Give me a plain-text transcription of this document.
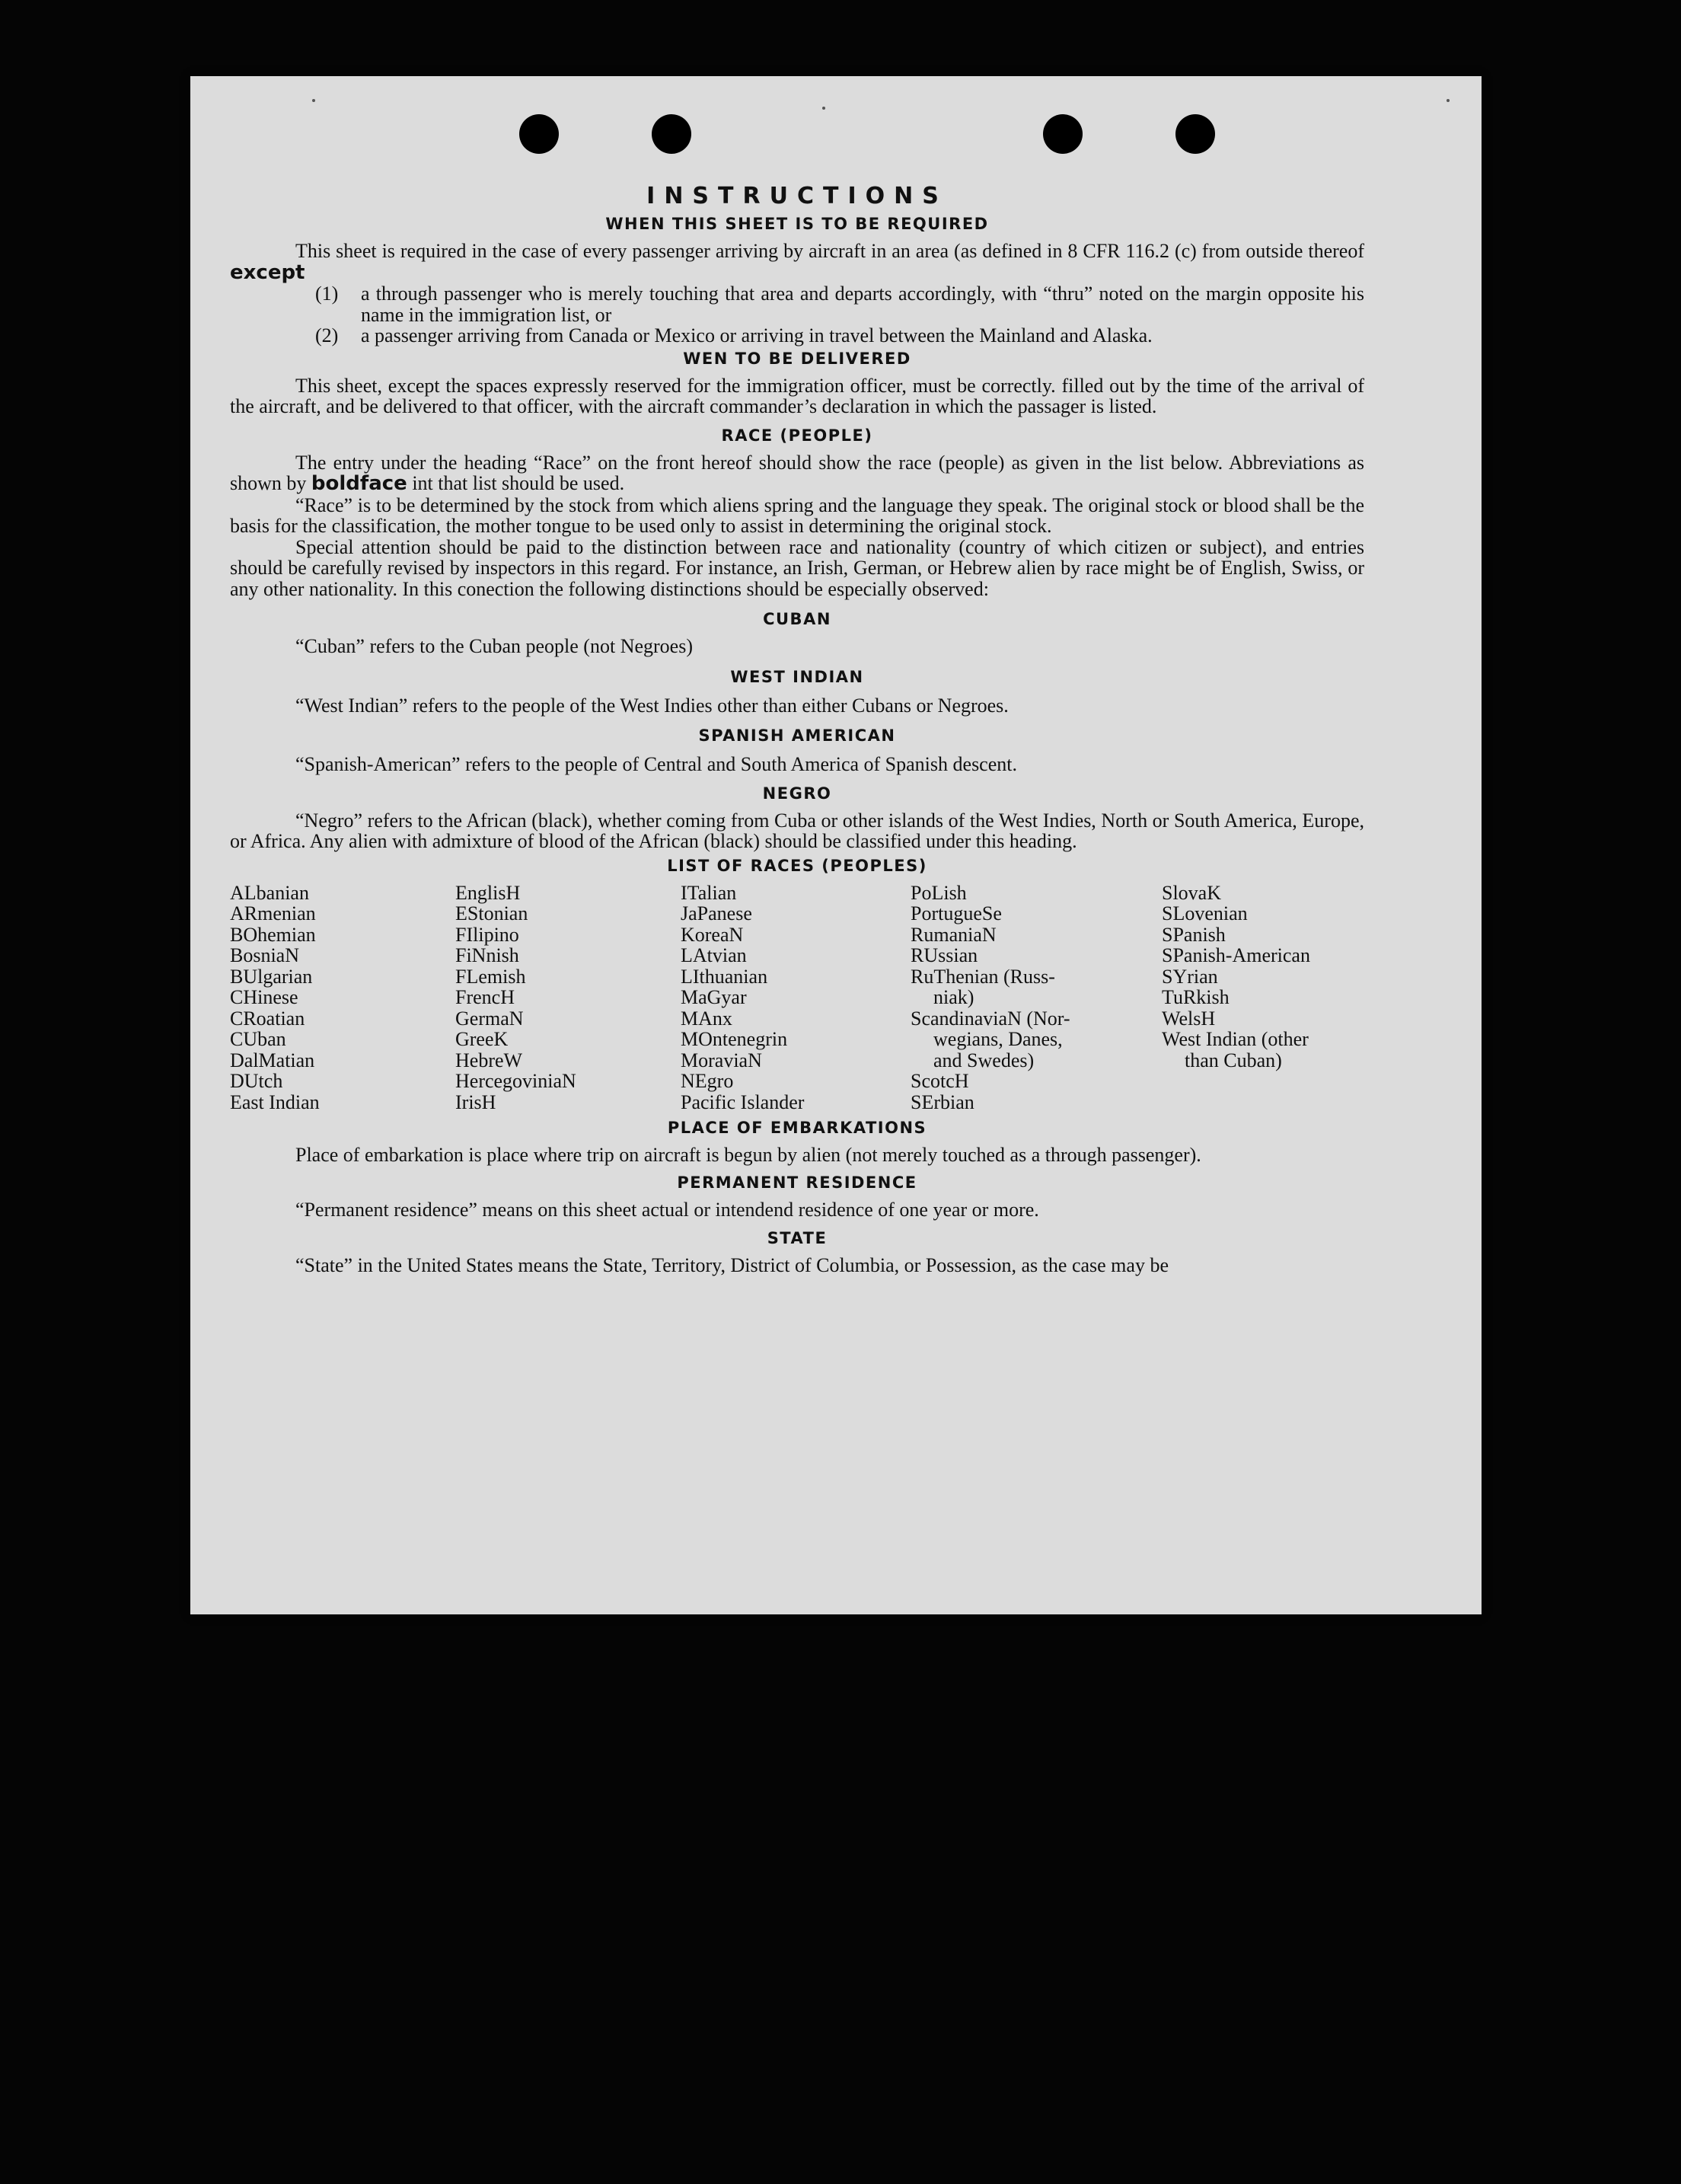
INSTRUCTIONS
WHEN THIS SHEET IS TO BE REQUIRED

This sheet is required in the case of every passenger arriving by aircraft in an area (as defined in 8 CFR 116.2 (c) from outside thereof except

(1)	a through passenger who is merely touching that area and departs accordingly, with “thru” noted on the margin opposite his name in the immigration list, or
(2)	a passenger arriving from Canada or Mexico or arriving in travel between the Mainland and Alaska.
WEN TO BE DELIVERED

This sheet, except the spaces expressly reserved for the immigration officer, must be correctly. filled out by the time of the arrival of the aircraft, and be delivered to that officer, with the aircraft commander’s declaration in which the passager is listed.

RACE (PEOPLE)

The entry under the heading “Race” on the front hereof should show the race (people) as given in the list below. Abbreviations as shown by boldface int that list should be used.

“Race” is to be determined by the stock from which aliens spring and the language they speak. The original stock or blood shall be the basis for the classification, the mother tongue to be used only to assist in determining the original stock.

Special attention should be paid to the distinction between race and nationality (country of which citizen or subject), and entries should be carefully revised by inspectors in this regard. For instance, an Irish, German, or Hebrew alien by race might be of English, Swiss, or any other nationality. In this conection the following distinctions should be especially observed:

CUBAN

“Cuban” refers to the Cuban people (not Negroes)

WEST INDIAN

“West Indian” refers to the people of the West Indies other than either Cubans or Negroes.

SPANISH AMERICAN

“Spanish-American” refers to the people of Central and South America of Spanish descent.

NEGRO

“Negro” refers to the African (black), whether coming from Cuba or other islands of the West Indies, North or South America, Europe, or Africa. Any alien with admixture of blood of the African (black) should be classified under this heading.

LIST OF RACES (PEOPLES)
ALbanian
ARmenian
BOhemian
BosniaN
BUlgarian
CHinese
CRoatian
CUban
DalMatian
DUtch
East Indian
EnglisH
EStonian
FIlipino
FiNnish
FLemish
FrencH
GermaN
GreeK
HebreW
HercegoviniaN
IrisH
ITalian
JaPanese
KoreaN
LAtvian
LIthuanian
MaGyar
MAnx
MOntenegrin
MoraviaN
NEgro
Pacific Islander
PoLish
PortugueSe
RumaniaN
RUssian
RuThenian (Russ-
niak)
ScandinaviaN (Nor-
wegians, Danes,
and Swedes)
ScotcH
SErbian
SlovaK
SLovenian
SPanish
SPanish-American
SYrian
TuRkish
WelsH
West Indian (other
than Cuban)
PLACE OF EMBARKATIONS

Place of embarkation is place where trip on aircraft is begun by alien (not merely touched as a through passenger).

PERMANENT RESIDENCE

“Permanent residence” means on this sheet actual or intendend residence of one year or more.

STATE

“State” in the United States means the State, Territory, District of Columbia, or Possession, as the case may be
